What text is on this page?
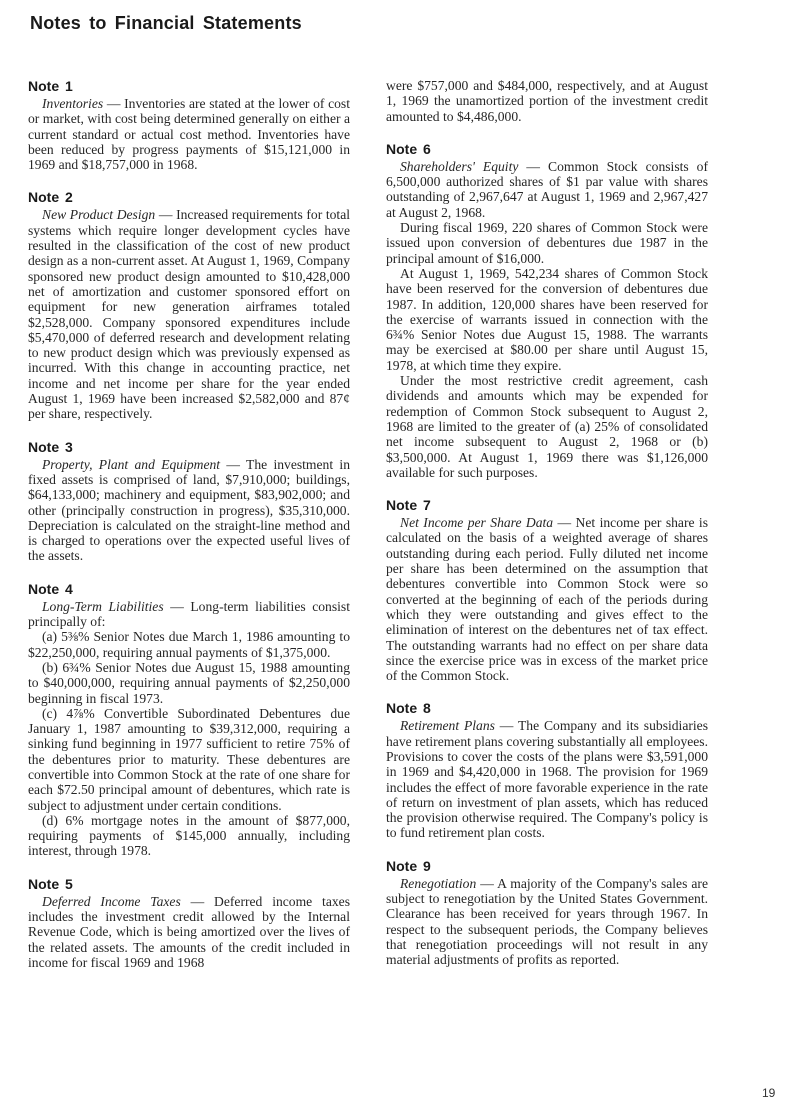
Notes to Financial Statements
Note 1

Inventories — Inventories are stated at the lower of cost or market, with cost being determined generally on either a current standard or actual cost method. Inventories have been reduced by progress payments of $15,121,000 in 1969 and $18,757,000 in 1968.

Note 2

New Product Design — Increased requirements for total systems which require longer development cycles have resulted in the classification of the cost of new product design as a non-current asset. At August 1, 1969, Company sponsored new product design amounted to $10,428,000 net of amortization and customer sponsored effort on equipment for new generation airframes totaled $2,528,000. Company sponsored expenditures include $5,470,000 of deferred research and development relating to new product design which was previously expensed as incurred. With this change in accounting practice, net income and net income per share for the year ended August 1, 1969 have been increased $2,582,000 and 87¢ per share, respectively.

Note 3

Property, Plant and Equipment — The investment in fixed assets is comprised of land, $7,910,000; buildings, $64,133,000; machinery and equipment, $83,902,000; and other (principally construction in progress), $35,310,000. Depreciation is calculated on the straight-line method and is charged to operations over the expected useful lives of the assets.

Note 4

Long-Term Liabilities — Long-term liabilities consist principally of:

(a) 5⅜% Senior Notes due March 1, 1986 amounting to $22,250,000, requiring annual payments of $1,375,000.

(b) 6¾% Senior Notes due August 15, 1988 amounting to $40,000,000, requiring annual payments of $2,250,000 beginning in fiscal 1973.

(c) 4⅞% Convertible Subordinated Debentures due January 1, 1987 amounting to $39,312,000, requiring a sinking fund beginning in 1977 sufficient to retire 75% of the debentures prior to maturity. These debentures are convertible into Common Stock at the rate of one share for each $72.50 principal amount of debentures, which rate is subject to adjustment under certain conditions.

(d) 6% mortgage notes in the amount of $877,000, requiring payments of $145,000 annually, including interest, through 1978.

Note 5

Deferred Income Taxes — Deferred income taxes includes the investment credit allowed by the Internal Revenue Code, which is being amortized over the lives of the related assets. The amounts of the credit included in income for fiscal 1969 and 1968

were $757,000 and $484,000, respectively, and at August 1, 1969 the unamortized portion of the investment credit amounted to $4,486,000.

Note 6

Shareholders' Equity — Common Stock consists of 6,500,000 authorized shares of $1 par value with shares outstanding of 2,967,647 at August 1, 1969 and 2,967,427 at August 2, 1968.

During fiscal 1969, 220 shares of Common Stock were issued upon conversion of debentures due 1987 in the principal amount of $16,000.

At August 1, 1969, 542,234 shares of Common Stock have been reserved for the conversion of debentures due 1987. In addition, 120,000 shares have been reserved for the exercise of warrants issued in connection with the 6¾% Senior Notes due August 15, 1988. The warrants may be exercised at $80.00 per share until August 15, 1978, at which time they expire.

Under the most restrictive credit agreement, cash dividends and amounts which may be expended for redemption of Common Stock subsequent to August 2, 1968 are limited to the greater of (a) 25% of consolidated net income subsequent to August 2, 1968 or (b) $3,500,000. At August 1, 1969 there was $1,126,000 available for such purposes.

Note 7

Net Income per Share Data — Net income per share is calculated on the basis of a weighted average of shares outstanding during each period. Fully diluted net income per share has been determined on the assumption that debentures convertible into Common Stock were so converted at the beginning of each of the periods during which they were outstanding and gives effect to the elimination of interest on the debentures net of tax effect. The outstanding warrants had no effect on per share data since the exercise price was in excess of the market price of the Common Stock.

Note 8

Retirement Plans — The Company and its subsidiaries have retirement plans covering substantially all employees. Provisions to cover the costs of the plans were $3,591,000 in 1969 and $4,420,000 in 1968. The provision for 1969 includes the effect of more favorable experience in the rate of return on investment of plan assets, which has reduced the provision otherwise required. The Company's policy is to fund retirement plan costs.

Note 9

Renegotiation — A majority of the Company's sales are subject to renegotiation by the United States Government. Clearance has been received for years through 1967. In respect to the subsequent periods, the Company believes that renegotiation proceedings will not result in any material adjustments of profits as reported.

19
